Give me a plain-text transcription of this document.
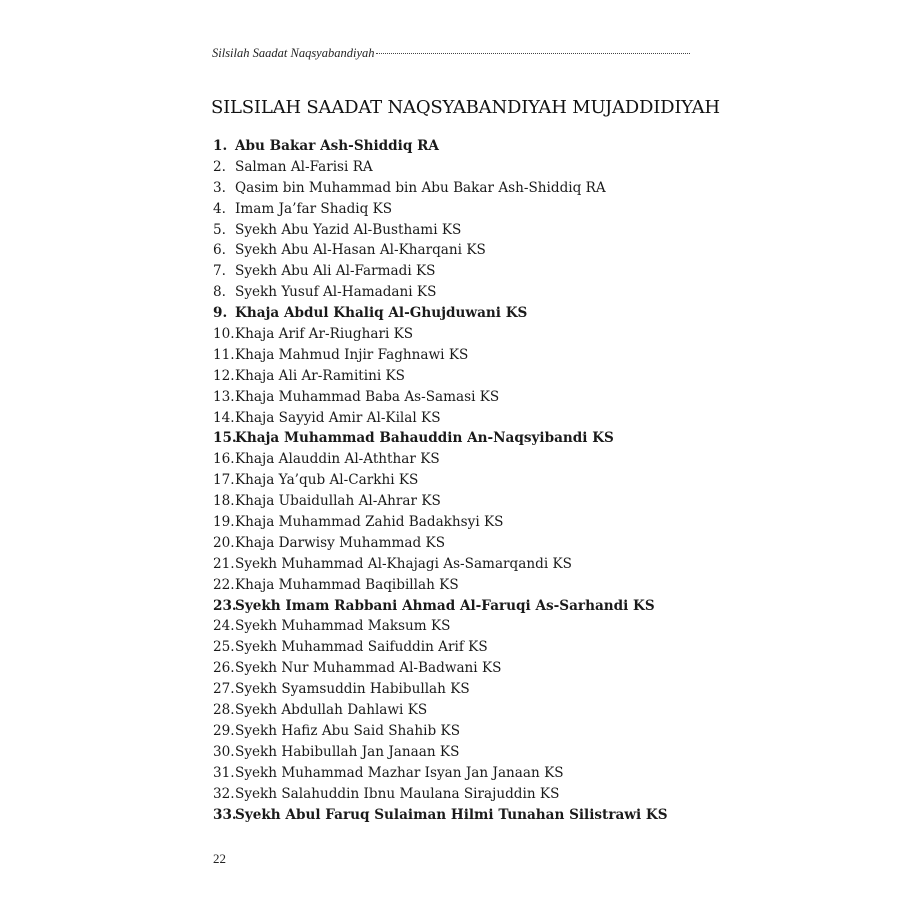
Silsilah Saadat Naqsyabandiyah
SILSILAH SAADAT NAQSYABANDIYAH MUJADDIDIYAH
1. Abu Bakar Ash-Shiddiq RA
2. Salman Al-Farisi RA
3. Qasim bin Muhammad bin Abu Bakar Ash-Shiddiq RA
4. Imam Ja’far Shadiq KS
5. Syekh Abu Yazid Al-Busthami KS
6. Syekh Abu Al-Hasan Al-Kharqani KS
7. Syekh Abu Ali Al-Farmadi KS
8. Syekh Yusuf Al-Hamadani KS
9. Khaja Abdul Khaliq Al-Ghujduwani KS
10. Khaja Arif Ar-Riughari KS
11. Khaja Mahmud Injir Faghnawi KS
12. Khaja Ali Ar-Ramitini KS
13. Khaja Muhammad Baba As-Samasi KS
14. Khaja Sayyid Amir Al-Kilal KS
15.
Khaja Muhammad Bahauddin An-Naqsyibandi KS
16. Khaja Alauddin Al-Aththar KS
17. Khaja Ya’qub Al-Carkhi KS
18. Khaja Ubaidullah Al-Ahrar KS
19. Khaja Muhammad Zahid Badakhsyi KS
20. Khaja Darwisy Muhammad KS
21. Syekh Muhammad Al-Khajagi As-Samarqandi KS
22. Khaja Muhammad Baqibillah KS
23.
Syekh Imam Rabbani Ahmad Al-Faruqi As-Sarhandi KS
24. Syekh Muhammad Maksum KS
25. Syekh Muhammad Saifuddin Arif KS
26. Syekh Nur Muhammad Al-Badwani KS
27. Syekh Syamsuddin Habibullah KS
28. Syekh Abdullah Dahlawi KS
29. Syekh Hafiz Abu Said Shahib KS
30. Syekh Habibullah Jan Janaan KS
31. Syekh Muhammad Mazhar Isyan Jan Janaan KS
32. Syekh Salahuddin Ibnu Maulana Sirajuddin KS
33.
Syekh Abul Faruq Sulaiman Hilmi Tunahan Silistrawi KS
22
